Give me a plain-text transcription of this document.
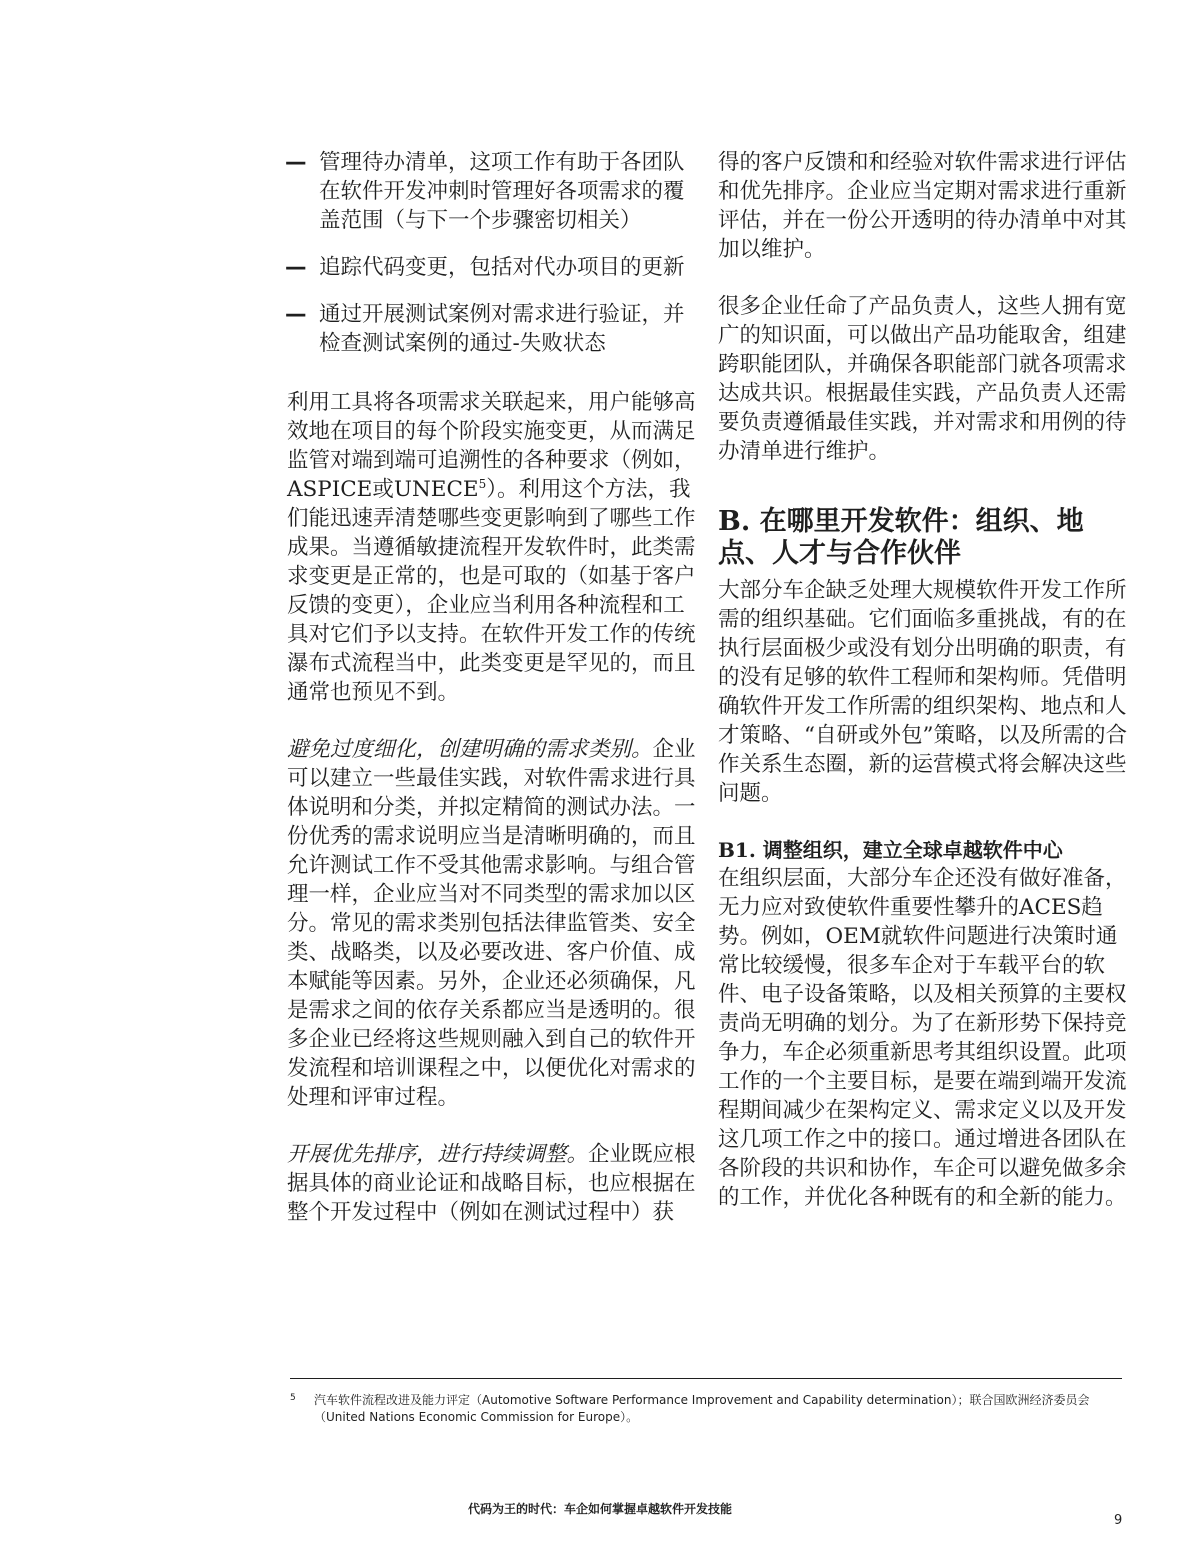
— 管理待办清单，这项工作有助于各团队在软件开发冲刺时管理好各项需求的覆盖范围（与下一个步骤密切相关）
— 追踪代码变更，包括对代办项目的更新
— 通过开展测试案例对需求进行验证，并检查测试案例的通过-失败状态

利用工具将各项需求关联起来，用户能够高效地在项目的每个阶段实施变更，从而满足监管对端到端可追溯性的各种要求（例如，ASPICE或UNECE$^5$）。利用这个方法，我们能迅速弄清楚哪些变更影响到了哪些工作成果。当遵循敏捷流程开发软件时，此类需求变更是正常的，也是可取的（如基于客户反馈的变更），企业应当利用各种流程和工具对它们予以支持。在软件开发工作的传统瀑布式流程当中，此类变更是罕见的，而且通常也预见不到。

避免过度细化，创建明确的需求类别。企业可以建立一些最佳实践，对软件需求进行具体说明和分类，并拟定精简的测试办法。一份优秀的需求说明应当是清晰明确的，而且允许测试工作不受其他需求影响。与组合管理一样，企业应当对不同类型的需求加以区分。常见的需求类别包括法律监管类、安全类、战略类，以及必要改进、客户价值、成本赋能等因素。另外，企业还必须确保，凡是需求之间的依存关系都应当是透明的。很多企业已经将这些规则融入到自己的软件开发流程和培训课程之中，以便优化对需求的处理和评审过程。

开展优先排序，进行持续调整。企业既应根据具体的商业论证和战略目标，也应根据在整个开发过程中（例如在测试过程中）获

得的客户反馈和和经验对软件需求进行评估和优先排序。企业应当定期对需求进行重新评估，并在一份公开透明的待办清单中对其加以维护。

很多企业任命了产品负责人，这些人拥有宽广的知识面，可以做出产品功能取舍，组建跨职能团队，并确保各职能部门就各项需求达成共识。根据最佳实践，产品负责人还需要负责遵循最佳实践，并对需求和用例的待办清单进行维护。

B. 在哪里开发软件：组织、地点、人才与合作伙伴

大部分车企缺乏处理大规模软件开发工作所需的组织基础。它们面临多重挑战，有的在执行层面极少或没有划分出明确的职责，有的没有足够的软件工程师和架构师。凭借明确软件开发工作所需的组织架构、地点和人才策略、“自研或外包”策略，以及所需的合作关系生态圈，新的运营模式将会解决这些问题。

B1. 调整组织，建立全球卓越软件中心

在组织层面，大部分车企还没有做好准备，无力应对致使软件重要性攀升的ACES趋势。例如，OEM就软件问题进行决策时通常比较缓慢，很多车企对于车载平台的软件、电子设备策略，以及相关预算的主要权责尚无明确的划分。为了在新形势下保持竞争力，车企必须重新思考其组织设置。此项工作的一个主要目标，是要在端到端开发流程期间减少在架构定义、需求定义以及开发这几项工作之中的接口。通过增进各团队在各阶段的共识和协作，车企可以避免做多余的工作，并优化各种既有的和全新的能力。

5	汽车软件流程改进及能力评定（Automotive Software Performance Improvement and Capability determination）；联合国欧洲经济委员会（United Nations Economic Commission for Europe）。
代码为王的时代：车企如何掌握卓越软件开发技能
9
